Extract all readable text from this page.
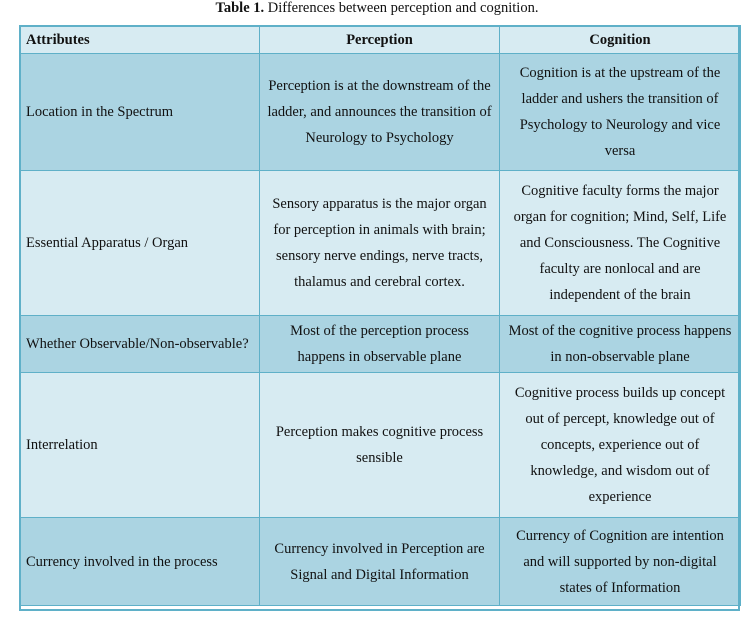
Table 1. Differences between perception and cognition.
Attributes	Perception	Cognition
Location in the Spectrum	Perception is at the downstream of the ladder, and announces the transition of Neurology to Psychology	Cognition is at the upstream of the ladder and ushers the transition of Psychology to Neurology and vice versa
Essential Apparatus / Organ	Sensory apparatus is the major organ for perception in animals with brain; sensory nerve endings, nerve tracts, thalamus and cerebral cortex.	Cognitive faculty forms the major organ for cognition; Mind, Self, Life and Consciousness. The Cognitive faculty are nonlocal and are independent of the brain
Whether Observable/Non-observable?	Most of the perception process happens in observable plane	Most of the cognitive process happens in non-observable plane
Interrelation	Perception makes cognitive process sensible	Cognitive process builds up concept out of percept, knowledge out of concepts, experience out of knowledge, and wisdom out of experience
Currency involved in the process	Currency involved in Perception are Signal and Digital Information	Currency of Cognition are intention and will supported by non-digital states of Information
